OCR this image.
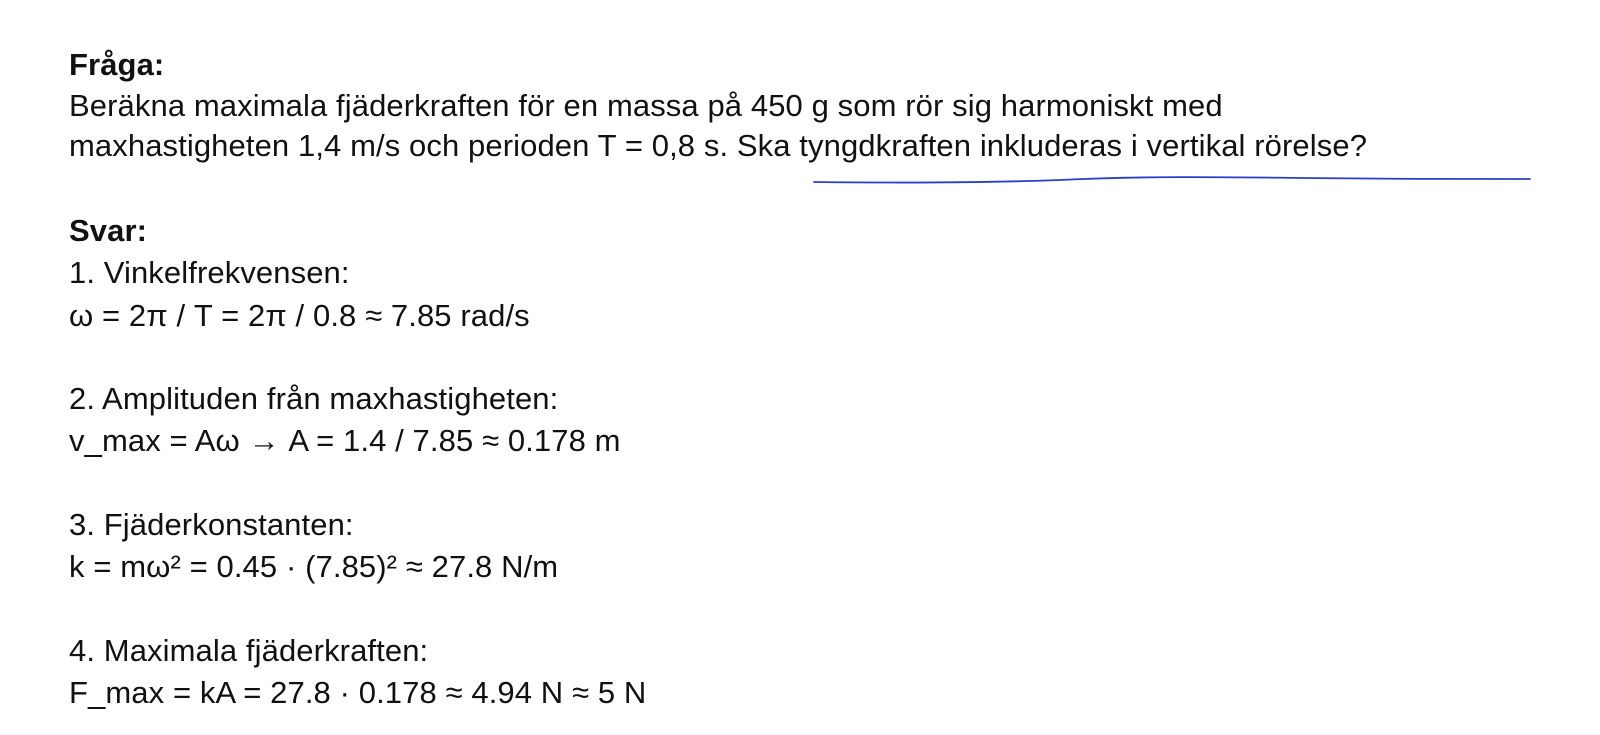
Fråga:
Beräkna maximala fjäderkraften för en massa på 450 g som rör sig harmoniskt med
maxhastigheten 1,4 m/s och perioden T = 0,8 s. Ska tyngdkraften inkluderas i vertikal rörelse?
Svar:
1. Vinkelfrekvensen:
ω = 2π / T = 2π / 0.8 ≈ 7.85 rad/s
2. Amplituden från maxhastigheten:
v_max = Aω → A = 1.4 / 7.85 ≈ 0.178 m
3. Fjäderkonstanten:
k = mω² = 0.45 · (7.85)² ≈ 27.8 N/m
4. Maximala fjäderkraften:
F_max = kA = 27.8 · 0.178 ≈ 4.94 N ≈ 5 N
